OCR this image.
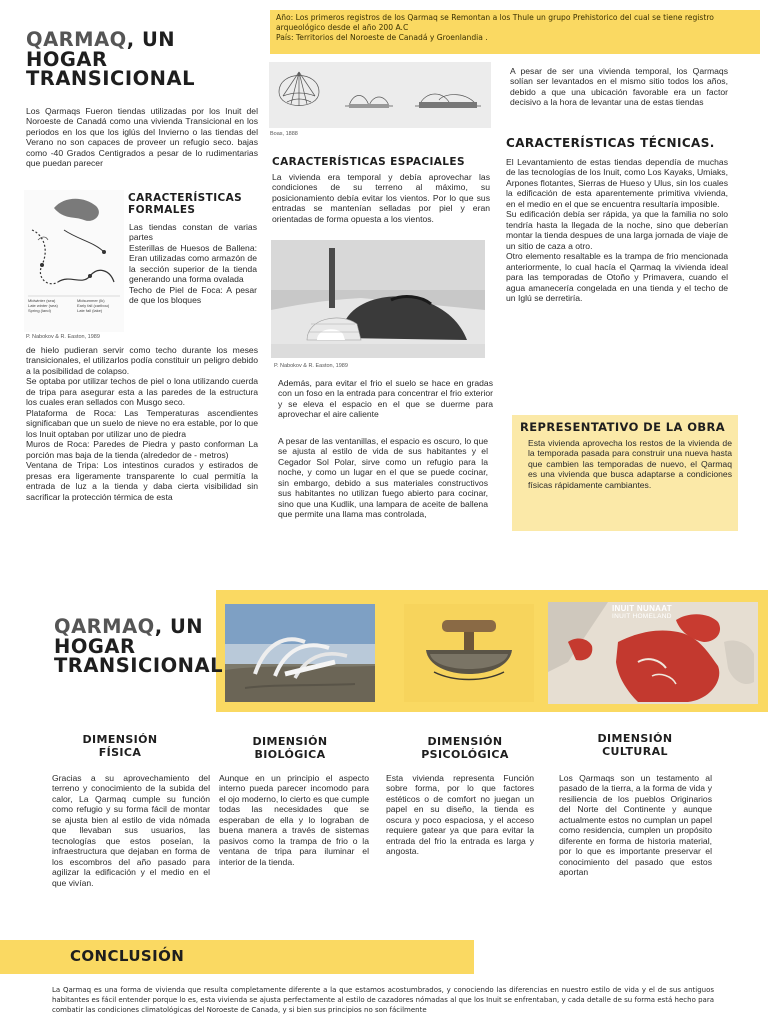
Año: Los primeros registros de los Qarmaq se Remontan a los Thule un grupo Prehistorico del cual se tiene registro arqueológico desde el año 200 A.C
País: Territorios del Noroeste de Canadá y Groenlandia .
QARMAQ, UN
HOGAR
TRANSICIONAL
Los Qarmaqs Fueron tiendas utilizadas por los Inuit del Noroeste de Canadá como una vivienda Transicional en los periodos en los que los iglús del Invierno o las tiendas del Verano no son capaces de proveer un refugio seco. bajas como -40 Grados Centigrados a pesar de lo rudimentarias que puedan parecer
Midwinter (sea)
Late winter (sea)
Spring (land)
Midsummer (lk)
Early fall (caribou)
Late fall (lake)
P. Nabokov & R. Easton, 1989
CARACTERÍSTICAS FORMALES
Las tiendas constan de varias partes
Esterillas de Huesos de Ballena: Eran utilizadas como armazón de la sección superior de la tienda generando una forma ovalada
Techo de Piel de Foca: A pesar de que los bloques
de hielo pudieran servir como techo durante los meses transicionales, el utilizarlos podía constituir un peligro debido a la posibilidad de colapso.
Se optaba por utilizar techos de piel o lona utilizando cuerda de tripa para asegurar esta a las paredes de la estructura los cuales eran sellados con Musgo seco.
Plataforma de Roca: Las Temperaturas ascendientes significaban que un suelo de nieve no era estable, por lo que los Inuit optaban por utilizar uno de piedra
Muros de Roca: Paredes de Piedra y pasto conforman La porción mas baja de la tienda (alrededor de - metros)
Ventana de Tripa: Los intestinos curados y estirados de presas era ligeramente transparente lo cual permitía la entrada de luz a la tienda y daba cierta visibilidad sin sacrificar la protección térmica de esta
Boas, 1888
CARACTERÍSTICAS ESPACIALES
La vivienda era temporal y debía aprovechar las condiciones de su terreno al máximo, su posicionamiento debía evitar los vientos. Por lo que sus entradas se mantenían selladas por piel y eran orientadas de forma opuesta a los vientos.
P. Nabokov & R. Easton, 1989
Además, para evitar el frio el suelo se hace en gradas con un foso en la entrada para concentrar el frio exterior y se eleva el espacio en el que se duerme para aprovechar el aire caliente
A pesar de las ventanillas, el espacio es oscuro, lo que se ajusta al estilo de vida de sus habitantes y el Cegador Sol Polar, sirve como un refugio para la noche, y como un lugar en el que se puede cocinar, sin embargo, debido a sus materiales constructivos sus habitantes no utilizan fuego abierto para cocinar, sino que una Kudlik, una lampara de aceite de ballena que permite una llama mas controlada,
A pesar de ser una vivienda temporal, los Qarmaqs solían ser levantados en el mismo sitio todos los años, debido a que una ubicación favorable era un factor decisivo a la hora de levantar una de estas tiendas
CARACTERÍSTICAS TÉCNICAS.
El Levantamiento de estas tiendas dependía de muchas de las tecnologías de los Inuit, como Los Kayaks, Umiaks, Arpones flotantes, Sierras de Hueso y Ulus, sin los cuales la edificación de esta aparentemente primitiva vivienda, en el medio en el que se encuentra resultaría imposible.
Su edificación debía ser rápida, ya que la familia no solo tendría hasta la llegada de la noche, sino que deberían montar la tienda despues de una larga jornada de viaje de un sitio de caza a otro.
Otro elemento resaltable es la trampa de frio mencionada anteriormente, lo cual hacía el Qarmaq la vivienda ideal para las temporadas de Otoño y Primavera, cuando el agua amanecería congelada en una tienda y el techo de un Iglú se derretiría.
REPRESENTATIVO DE LA OBRA
Esta vivienda aprovecha los restos de la vivienda de la temporada pasada para construir una nueva hasta que cambien las temporadas de nuevo, el Qarmaq es una vivienda que busca adaptarse a condiciones físicas rápidamente cambiantes.
QARMAQ, UN
HOGAR
TRANSICIONAL
INUIT NUNAAT
INUIT HOMELAND
DIMENSIÓN
FÍSICA
Gracias a su aprovechamiento del terreno y conocimiento de la subida del calor, La Qarmaq cumple su función como refugio y su forma fácil de montar se ajusta bien al estilo de vida nómada que llevaban sus usuarios, las tecnologías que estos poseían, la infraestructura que dejaban en forma de los escombros del año pasado para agilizar la edificación y el medio en el que vivían.
DIMENSIÓN
BIOLÓGICA
Aunque en un principio el aspecto interno pueda parecer incomodo para el ojo moderno, lo cierto es que cumple todas las necesidades que se esperaban de ella y lo lograban de buena manera a través de sistemas pasivos como la trampa de frio o la ventana de tripa para iluminar el interior de la tienda.
DIMENSIÓN
PSICOLÓGICA
Esta vivienda representa Función sobre forma, por lo que factores estéticos o de comfort no juegan un papel en su diseño, la tienda es oscura y poco espaciosa, y el acceso requiere gatear ya que para evitar la entrada del frio la entrada es larga y angosta.
DIMENSIÓN
CULTURAL
Los Qarmaqs son un testamento al pasado de la tierra, a la forma de vida y resiliencia de los pueblos Originarios del Norte del Continente y aunque actualmente estos no cumplan un papel como residencia, cumplen un propósito diferente en forma de historia material, por lo que es importante preservar el conocimiento del pasado que estos aportan
CONCLUSIÓN
La Qarmaq es una forma de vivienda que resulta completamente diferente a la que estamos acostumbrados, y conociendo las diferencias en nuestro estilo de vida y el de sus antiguos habitantes es fácil entender porque lo es, esta vivienda se ajusta perfectamente al estilo de cazadores nómadas al que los Inuit se enfrentaban, y cada detalle de su forma está hecho para combatir las condiciones climatológicas del Noroeste de Canada, y si bien sus principios no son fácilmente
